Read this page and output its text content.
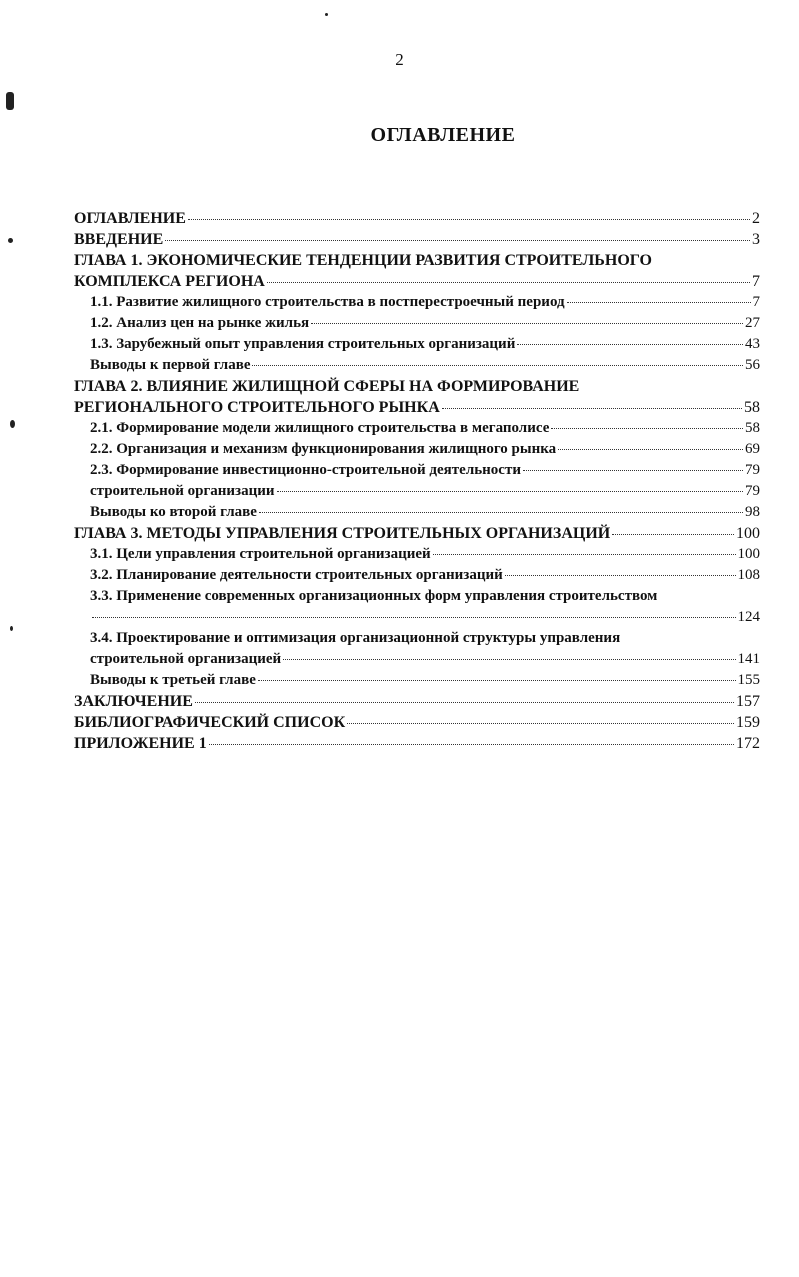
2
ОГЛАВЛЕНИЕ
ОГЛАВЛЕНИЕ	2
ВВЕДЕНИЕ	3
ГЛАВА 1. ЭКОНОМИЧЕСКИЕ ТЕНДЕНЦИИ РАЗВИТИЯ СТРОИТЕЛЬНОГО
КОМПЛЕКСА РЕГИОНА	7
1.1. Развитие жилищного строительства в постперестроечный период	7
1.2. Анализ цен на рынке жилья	27
1.3. Зарубежный опыт управления строительных организаций	43
Выводы к первой главе	56
ГЛАВА 2. ВЛИЯНИЕ ЖИЛИЩНОЙ СФЕРЫ НА ФОРМИРОВАНИЕ
РЕГИОНАЛЬНОГО СТРОИТЕЛЬНОГО РЫНКА	58
2.1. Формирование модели жилищного строительства в мегаполисе	58
2.2. Организация и механизм функционирования жилищного рынка	69
2.3. Формирование инвестиционно-строительной деятельности	79
строительной организации	79
Выводы ко второй главе	98
ГЛАВА 3. МЕТОДЫ УПРАВЛЕНИЯ СТРОИТЕЛЬНЫХ ОРГАНИЗАЦИЙ	100
3.1. Цели управления строительной организацией	100
3.2. Планирование деятельности строительных организаций	108
3.3. Применение современных организационных форм управления строительством
124
3.4. Проектирование и оптимизация организационной структуры управления
строительной организацией	141
Выводы к третьей главе	155
ЗАКЛЮЧЕНИЕ	157
БИБЛИОГРАФИЧЕСКИЙ СПИСОК	159
ПРИЛОЖЕНИЕ 1	172
